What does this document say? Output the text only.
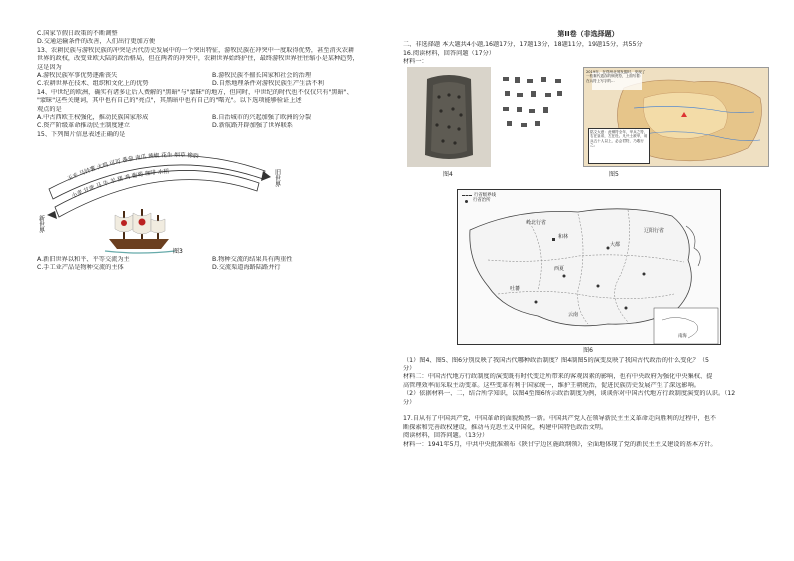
C.国家节假日政策的不断调整
D.交通运输条件的改善，人们出行更加方便
13、农耕民族与游牧民族的冲突是古代历史发展中的一个突出特征，游牧民族在冲突中一度取得优势，甚至消灭农耕
世界的政权，改变亚欧大陆的政治格局，但在两者的冲突中，农耕世界始终护住，最终游牧世界往往缩小是某种趋势，
这是因为
A.游牧民族军事优势逐渐丧失	B.游牧民族不擅长国家和社会的治理
C.农耕世界在技术、组织和文化上的优势	D.自然地理条件对游牧民族生产生活不利
14、中世纪的欧洲，确实有诸多让后人费解的"黑暗"与"蒙昧"的地方，但同时，中世纪的时代也不仅仅只有"黑暗"、
"蒙昧"这些关键词，其中也有自己的"亮点"，其黑暗中也有自己的"曙光"。以下选项能够验证上述
观点的是
A.中古西欧王权强化，推动民族国家形成	B.自治城市的兴起加强了欧洲的分裂
C.资产阶级革命推动民主制度建立	D.新航路开辟加强了世界联系
15、下列图片信息表述正确的是
玉米 马铃薯 火鸡 可可 番茄 南瓜 辣椒 花生 烟草 橡胶
小麦 甘蔗 马 牛 羊 猪 鸡 葡萄 咖啡 水稻
新世界
旧世界
图3
A.新旧世界以和平、平等交流为主	B.物种交流的结果具有两重性
C.手工业产品是物种交流的主体	D.交流渠道海路陆路并行
第II卷（非选择题）
二、非选择题 本大题共4小题,16题17分，17题13分，18题11分，19题15分，共55分
16.阅读材料，回答问题（17分）
材料一：
图4
2019年，在郑州北郊发掘时，发现了一枚秦代遗存的铜虎符，上面写着：在兵符上写字的...
铭文大意：此铜符全年，甲兵之符，右在皇帝，左在杜。凡兴士被甲，用兵五十人以上，必会君符，乃敢行之。
图5
行省级界线
行省治所
岭北行省
辽阳行省
和林
大都
西夏
吐蕃
云南
南海
图6
（1）图4、图5、图6分别反映了我国古代哪种政治制度？图4制图5的演变反映了我国古代政治的什么变化？（5
分）
材料二：中国古代地方行政制度的演变既有时代变迁所带来的客观因素的影响，也有中央政府为强化中央集权、提
高管理效率而采取主动变革。这些变革有利于国家统一，维护王朝统治，促进民族历史发展产生了深远影响。
（2）依据材料一、二，结合所学知识，以图4至图6所示政治制度为例，谈谈你对中国古代地方行政制度演变的认识。（12
分）
17.自从有了中国共产党，中国革命的面貌焕然一新。中国共产党人在领导新民主主义革命走向胜利的过程中，也不
断探索和完善政权建设，推动马克思主义中国化，构建中国特色政治文明。
阅读材料，回答问题。（13分）
材料一：1941年5月，中共中央批准颁布《陕甘宁边区施政纲领》，全面地体现了党的新民主主义建设的基本方针。
